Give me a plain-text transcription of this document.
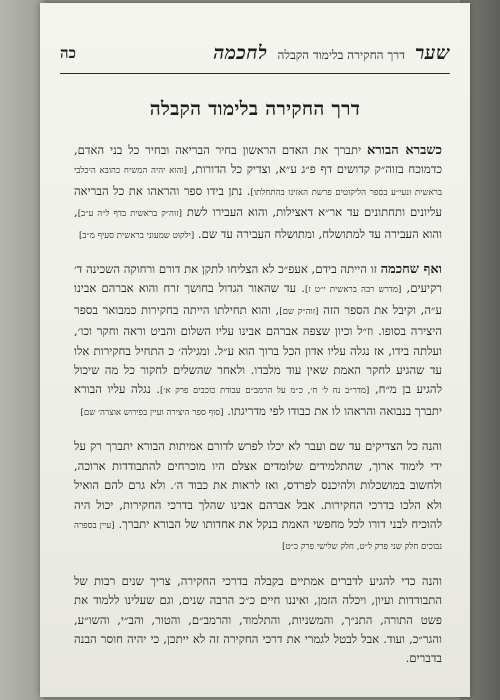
שער
דרך החקירה בלימוד הקבלה
לחכמה
כה
דרך החקירה בלימוד הקבלה

כשברא הבורא יתברך את האדם הראשון בחיר הבריאה ובחיר כל בני האדם, כדמוכח בזוה״ק קדושים דף פ״ג ע״א, וצדיק כל הדורות, [והוא יהיה המשיח כהובא היכלבי בראשית ונעי״ע בספר הליקוטים פרשת האזינו בהתחלתו]. נתן בידו ספר והראהו את כל הבריאה עליונים ותחתונים עד אר״א דאצילות, והוא העבירו לשת [זוה״ק בראשית בדף ל״ה ע״ב], והוא העבירה עד למתושלח, ומתושלח העבירה עד שם. [ילקוט שמעוני בראשית סעיף מ״ב]

ואף שחכמה זו הייתה בידם, אעפ״כ לא הצליחו לתקן את דורם ורחוקה השכינה ד׳ רקיעים, [מדרש רבה בראשית י״ט ז]. עד שהאור הגדול בחושך זרח והוא אברהם אבינו ע״ה, וקיבל את הספר הזה [זוה״ק שם], והוא תחילתו הייתה בחקירות כמבואר בספר היצירה בסופו. וז״ל וכיון שצפה אברהם אבינו עליו השלום והביט וראה וחקר וכו׳, ועלתה בידו, אז נגלה עליו אדון הכל ברוך הוא ע״ל. ומגילה׳ כ התחיל בחקירות אלו עד שהגיע לחקר האמת שאין עוד מלבדו. ולאחר שהשלים לחקור כל מה שיכול להגיע בן מ״ח, [מדר״ב נח ל׳ ח׳, כ״מ על הרמב״ם עבודת כוכבים פרק א׳]. נגלה עליו הבורא יתברך בנבואה והראהו לו את כבודו לפי מדריגתו. [סוף ספר היצירה ועיין בפירוש אוצרה׳ שם]

והנה כל הצדיקים עד שם ועבר לא יכלו לפרש לדורם אמיתות הבורא יתברך רק על ידי לימוד ארוך, שהתלמידים שלומדים אצלם היו מוכרחים להתבודדות ארוכה, ולחשוב במושכלות ולהיכנס לפרדס, ואז לראות את כבוד ה׳. ולא גרם להם הואיל ולא הלכו בדרכי החקירות. אבל אברהם אבינו שהלך בדרכי החקירות, יכול היה להוכיח לבני דורו לכל מחפשי האמת בנקל את אחדותו של הבורא יתברך. [עיין בספרה נבוכים חלק שני פרק ל״ט, חלק שלישי פרק כ״ט]

והנה כדי להגיע לדברים אמתיים בקבלה בדרכי החקירה, צריך שנים רבות של התבודדות ועיון, ויכלה הזמן, ואיננו חיים כ״כ הרבה שנים, וגם שעלינו ללמוד את פשט התורה, התנ״ך, והמשניות, והתלמוד, והרמב״ם, והטור, והב״י, והשו״ע, והגר״כ, ועוד. אבל לבטל לגמרי את דרכי החקירה זה לא ייתכן, כי יהיה חוסר הבנה בדברים.
